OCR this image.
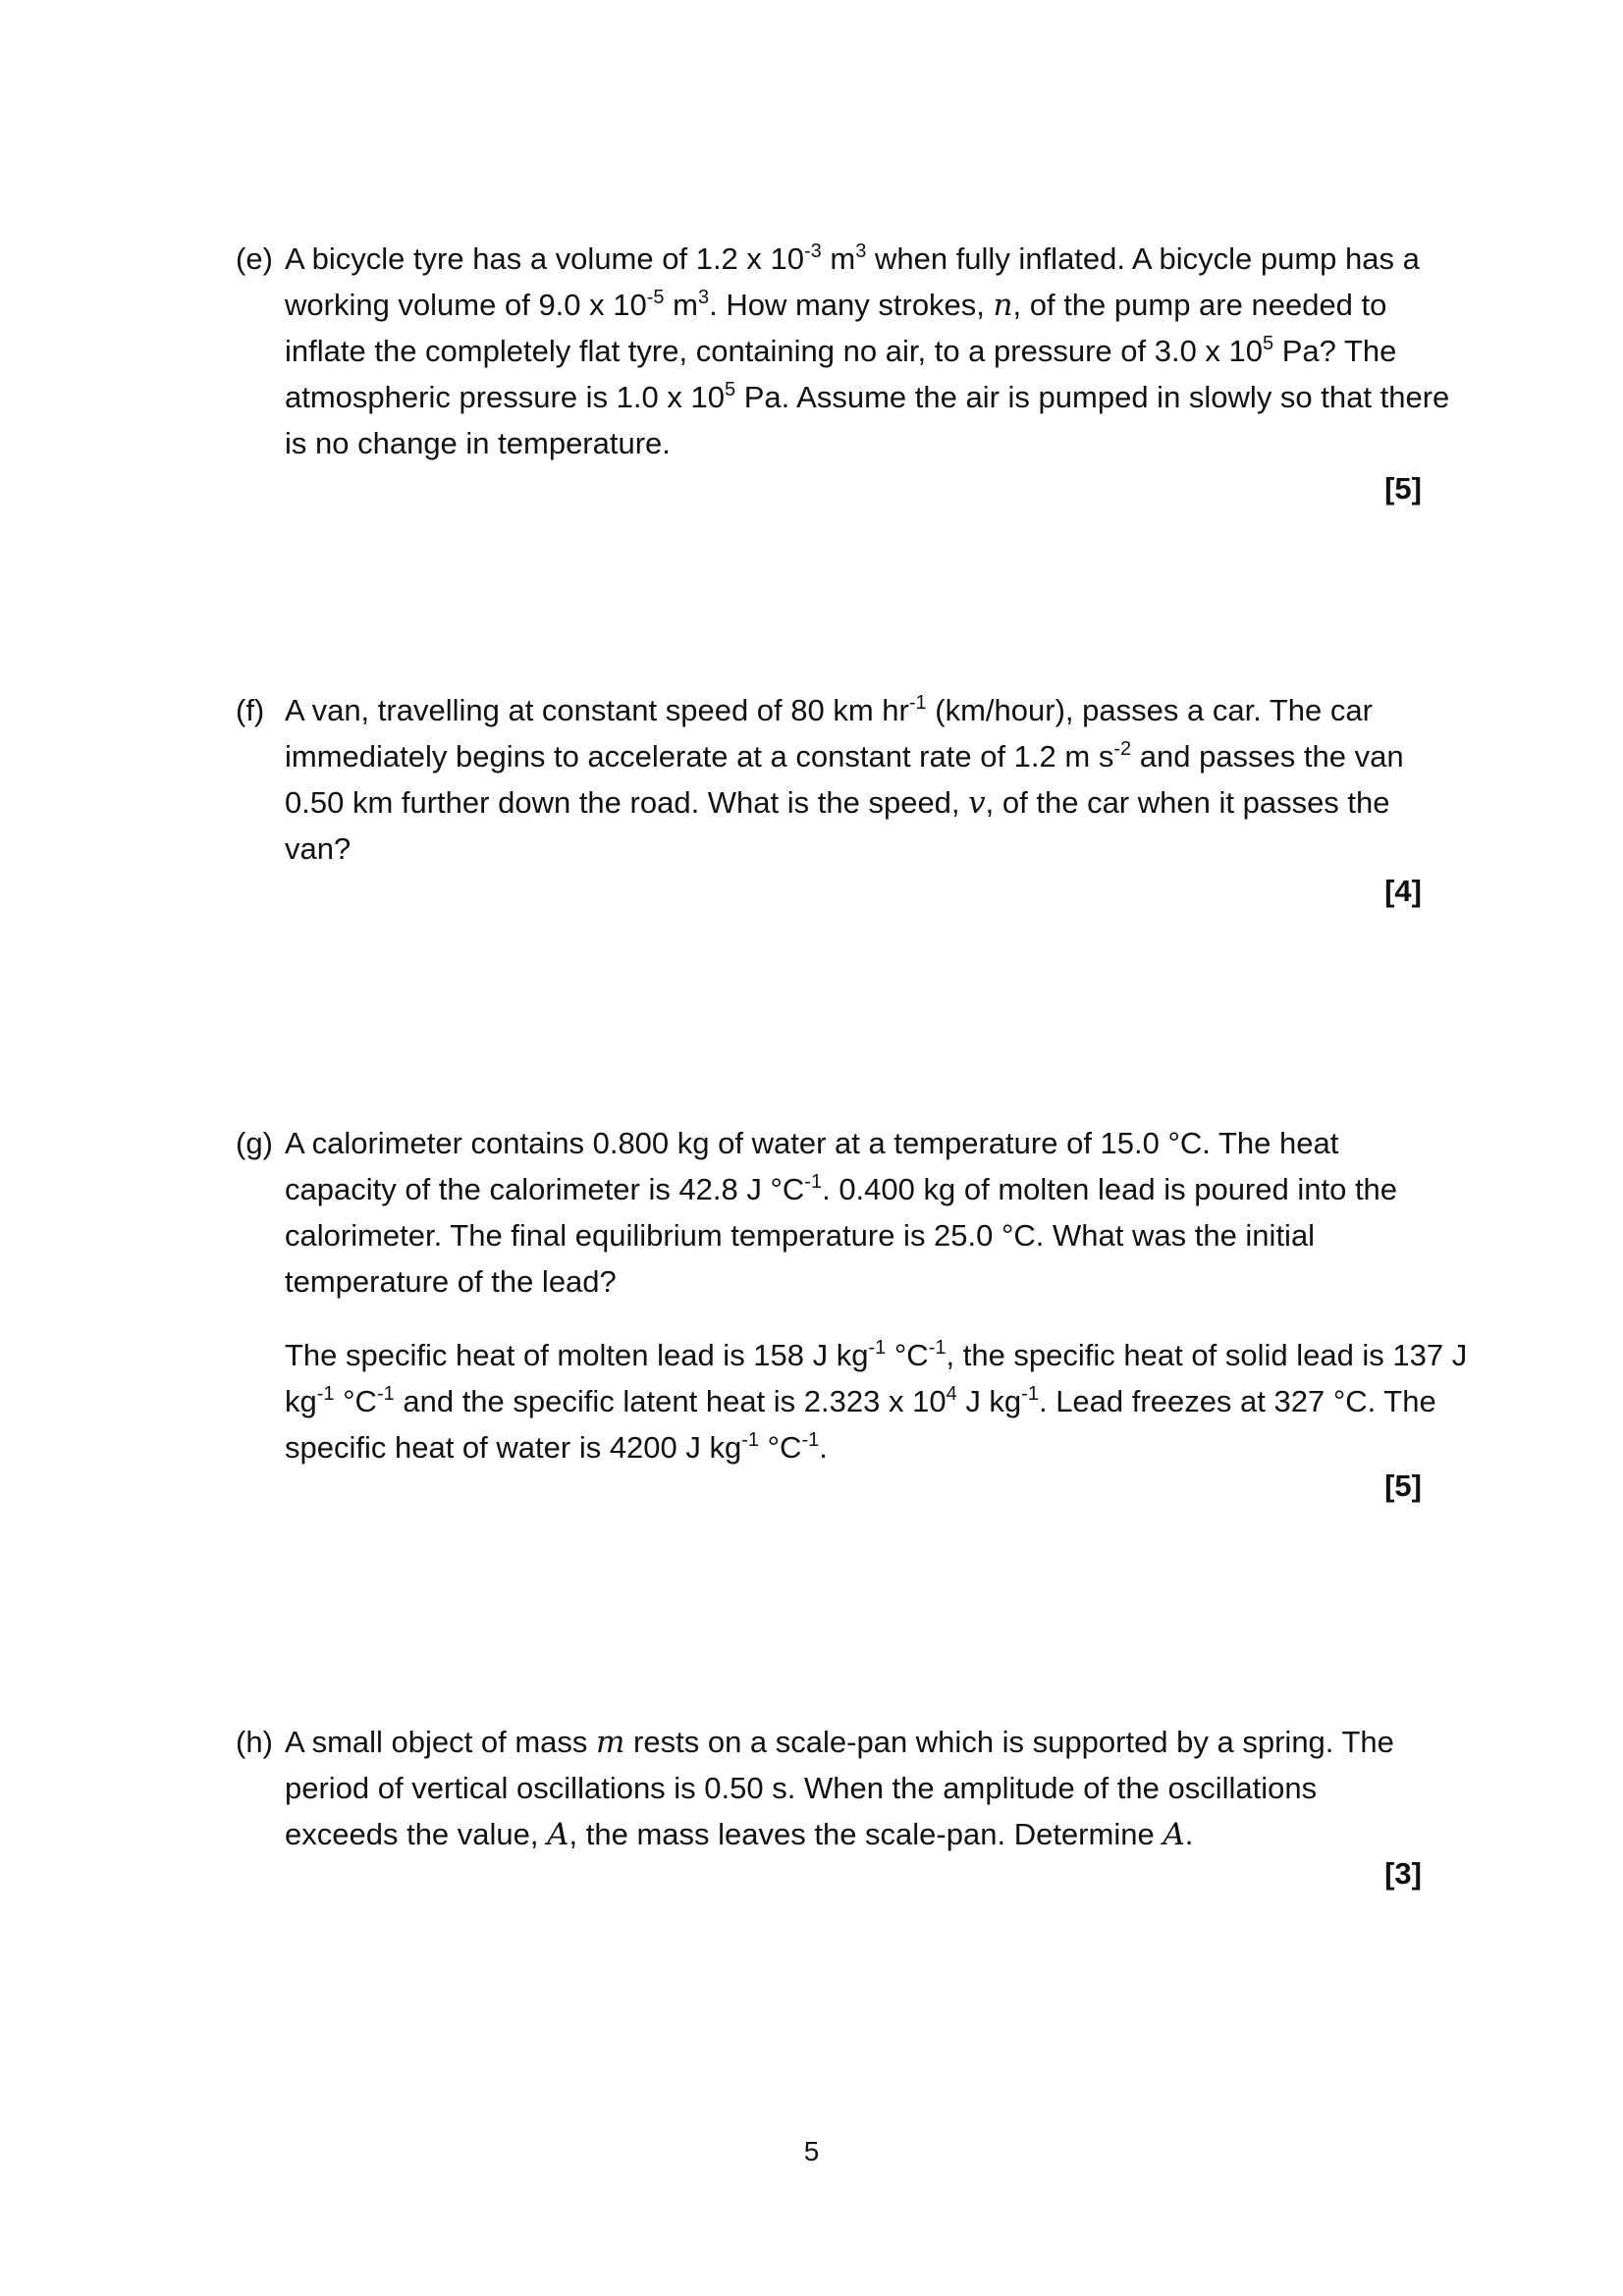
(e) A bicycle tyre has a volume of 1.2 x $10^{-3}$ $m^3$ when fully inflated. A bicycle pump has a
working volume of 9.0 x $10^{-5}$ $m^3$. How many strokes, n, of the pump are needed to
inflate the completely flat tyre, containing no air, to a pressure of 3.0 x $10^5$ Pa? The
atmospheric pressure is 1.0 x $10^5$ Pa. Assume the air is pumped in slowly so that there
is no change in temperature.
[5]
(f) A van, travelling at constant speed of 80 km $hr^{-1}$ (km/hour), passes a car. The car
immediately begins to accelerate at a constant rate of 1.2 m $s^{-2}$ and passes the van
0.50 km further down the road. What is the speed, v, of the car when it passes the
van?
[4]
(g) A calorimeter contains 0.800 kg of water at a temperature of 15.0 °C. The heat
capacity of the calorimeter is 42.8 J $^\circ C^{-1}$. 0.400 kg of molten lead is poured into the
calorimeter. The final equilibrium temperature is 25.0 °C. What was the initial
temperature of the lead?
The specific heat of molten lead is 158 J $kg^{-1}$ $^\circ C^{-1}$, the specific heat of solid lead is 137 J
$kg^{-1}$ $^\circ C^{-1}$ and the specific latent heat is 2.323 x $10^4$ J $kg^{-1}$. Lead freezes at 327 °C. The
specific heat of water is 4200 J $kg^{-1}$ $^\circ C^{-1}$.
[5]
(h) A small object of mass m rests on a scale-pan which is supported by a spring. The
period of vertical oscillations is 0.50 s. When the amplitude of the oscillations
exceeds the value, A, the mass leaves the scale-pan. Determine A.
[3]
5
